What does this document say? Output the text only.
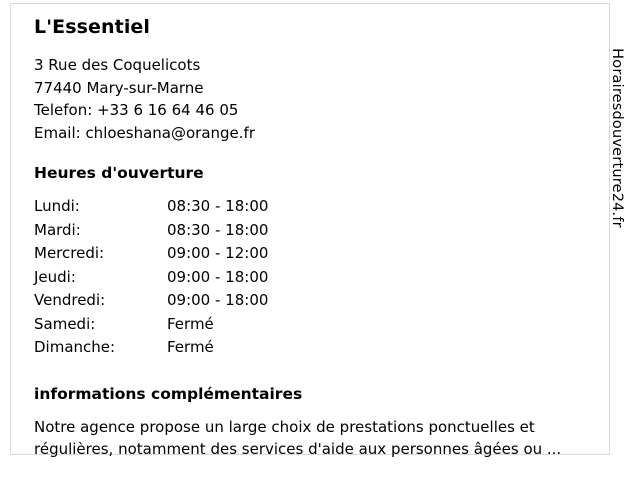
L'Essentiel

3 Rue des Coquelicots

77440 Mary-sur-Marne

Telefon: +33 6 16 64 46 05

Email: chloeshana@orange.fr

Heures d'ouverture
Lundi:	08:30 - 18:00
Mardi:	08:30 - 18:00
Mercredi:	09:00 - 12:00
Jeudi:	09:00 - 18:00
Vendredi:	09:00 - 18:00
Samedi:	Fermé
Dimanche:	Fermé
informations complémentaires

Notre agence propose un large choix de prestations ponctuelles et régulières, notamment des services d'aide aux personnes âgées ou ...

Horairesdouverture24.fr
